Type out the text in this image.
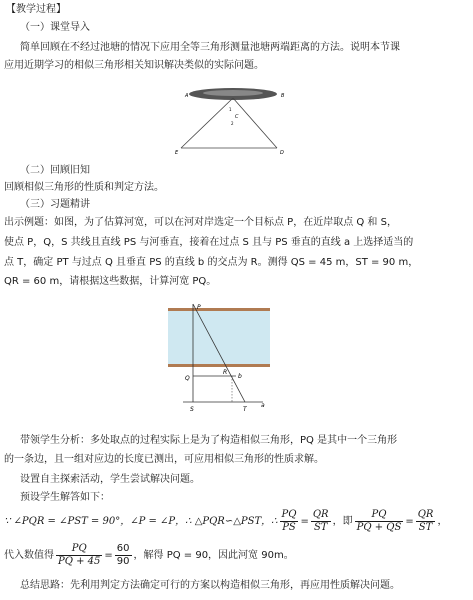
【教学过程】
（一）课堂导入
简单回顾在不经过池塘的情况下应用全等三角形测量池塘两端距离的方法。说明本节课
应用近期学习的相似三角形相关知识解决类似的实际问题。
A	B
C
1
2
E	D
（二）回顾旧知
回顾相似三角形的性质和判定方法。
（三）习题精讲
出示例题：如图，为了估算河宽，可以在河对岸选定一个目标点 P，在近岸取点 Q 和 S，
使点 P，Q，S 共线且直线 PS 与河垂直，接着在过点 S 且与 PS 垂直的直线 a 上选择适当的
点 T，确定 PT 与过点 Q 且垂直 PS 的直线 b 的交点为 R。测得 QS = 45 m，ST = 90 m，
QR = 60 m，请根据这些数据，计算河宽 PQ。
P
Q
R
b
S	T
a
带领学生分析：多处取点的过程实际上是为了构造相似三角形，PQ 是其中一个三角形
的一条边，且一组对应边的长度已测出，可应用相似三角形的性质求解。
设置自主探索活动，学生尝试解决问题。
预设学生解答如下：
∵ ∠PQR = ∠PST = 90°，∠P = ∠P，∴ △PQR∽△PST，∴ $\frac{PQ}{PS} = \frac{QR}{ST}$ ，即 $\frac{PQ}{PQ + QS} = \frac{QR}{ST}$ ，
代入数值得 $\frac{PQ}{PQ + 45} = \frac{60}{90}$ ，解得 PQ = 90，因此河宽 90m。
总结思路：先利用判定方法确定可行的方案以构造相似三角形，再应用性质解决问题。
